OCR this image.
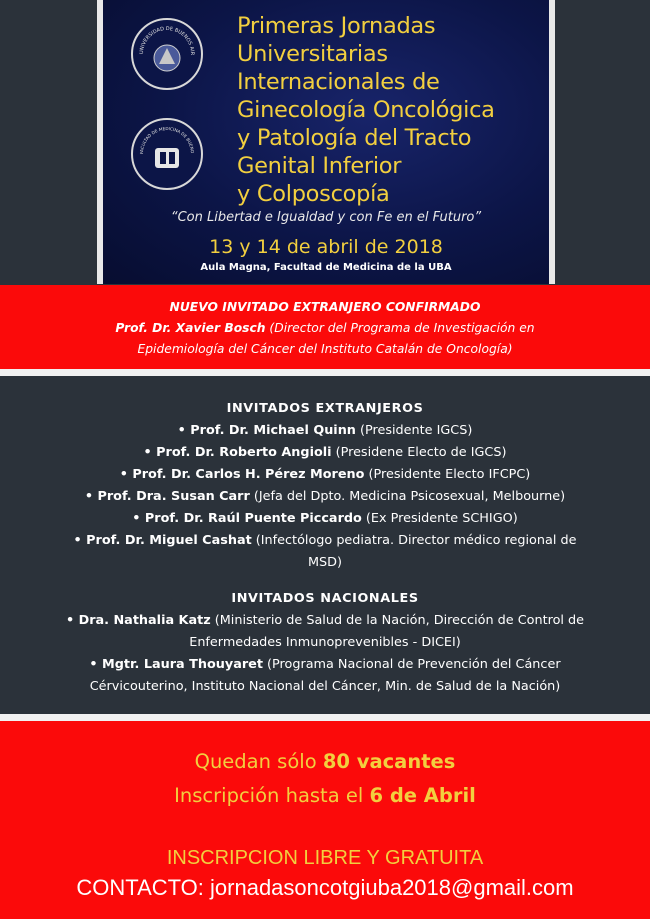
UNIVERSIDAD DE BUENOS AIR
FACULTAD DE MEDICINA DE BUENO
Primeras Jornadas
Universitarias
Internacionales de
Ginecología Oncológica
y Patología del Tracto
Genital Inferior
y Colposcopía
“Con Libertad e Igualdad y con Fe en el Futuro”
13 y 14 de abril de 2018
Aula Magna, Facultad de Medicina de la UBA
NUEVO INVITADO EXTRANJERO CONFIRMADO
Prof. Dr. Xavier Bosch (Director del Programa de Investigación en
Epidemiología del Cáncer del Instituto Catalán de Oncología)
INVITADOS EXTRANJEROS
• Prof. Dr. Michael Quinn (Presidente IGCS)
• Prof. Dr. Roberto Angioli (Presidene Electo de IGCS)
• Prof. Dr. Carlos H. Pérez Moreno (Presidente Electo IFCPC)
• Prof. Dra. Susan Carr (Jefa del Dpto. Medicina Psicosexual, Melbourne)
• Prof. Dr. Raúl Puente Piccardo (Ex Presidente SCHIGO)
• Prof. Dr. Miguel Cashat (Infectólogo pediatra. Director médico regional de
MSD)
INVITADOS NACIONALES
• Dra. Nathalia Katz (Ministerio de Salud de la Nación, Dirección de Control de
Enfermedades Inmunoprevenibles - DICEI)
• Mgtr. Laura Thouyaret (Programa Nacional de Prevención del Cáncer
Cérvicouterino, Instituto Nacional del Cáncer, Min. de Salud de la Nación)
Quedan sólo 80 vacantes
Inscripción hasta el 6 de Abril
INSCRIPCION LIBRE Y GRATUITA
CONTACTO: jornadasoncotgiuba2018@gmail.com
